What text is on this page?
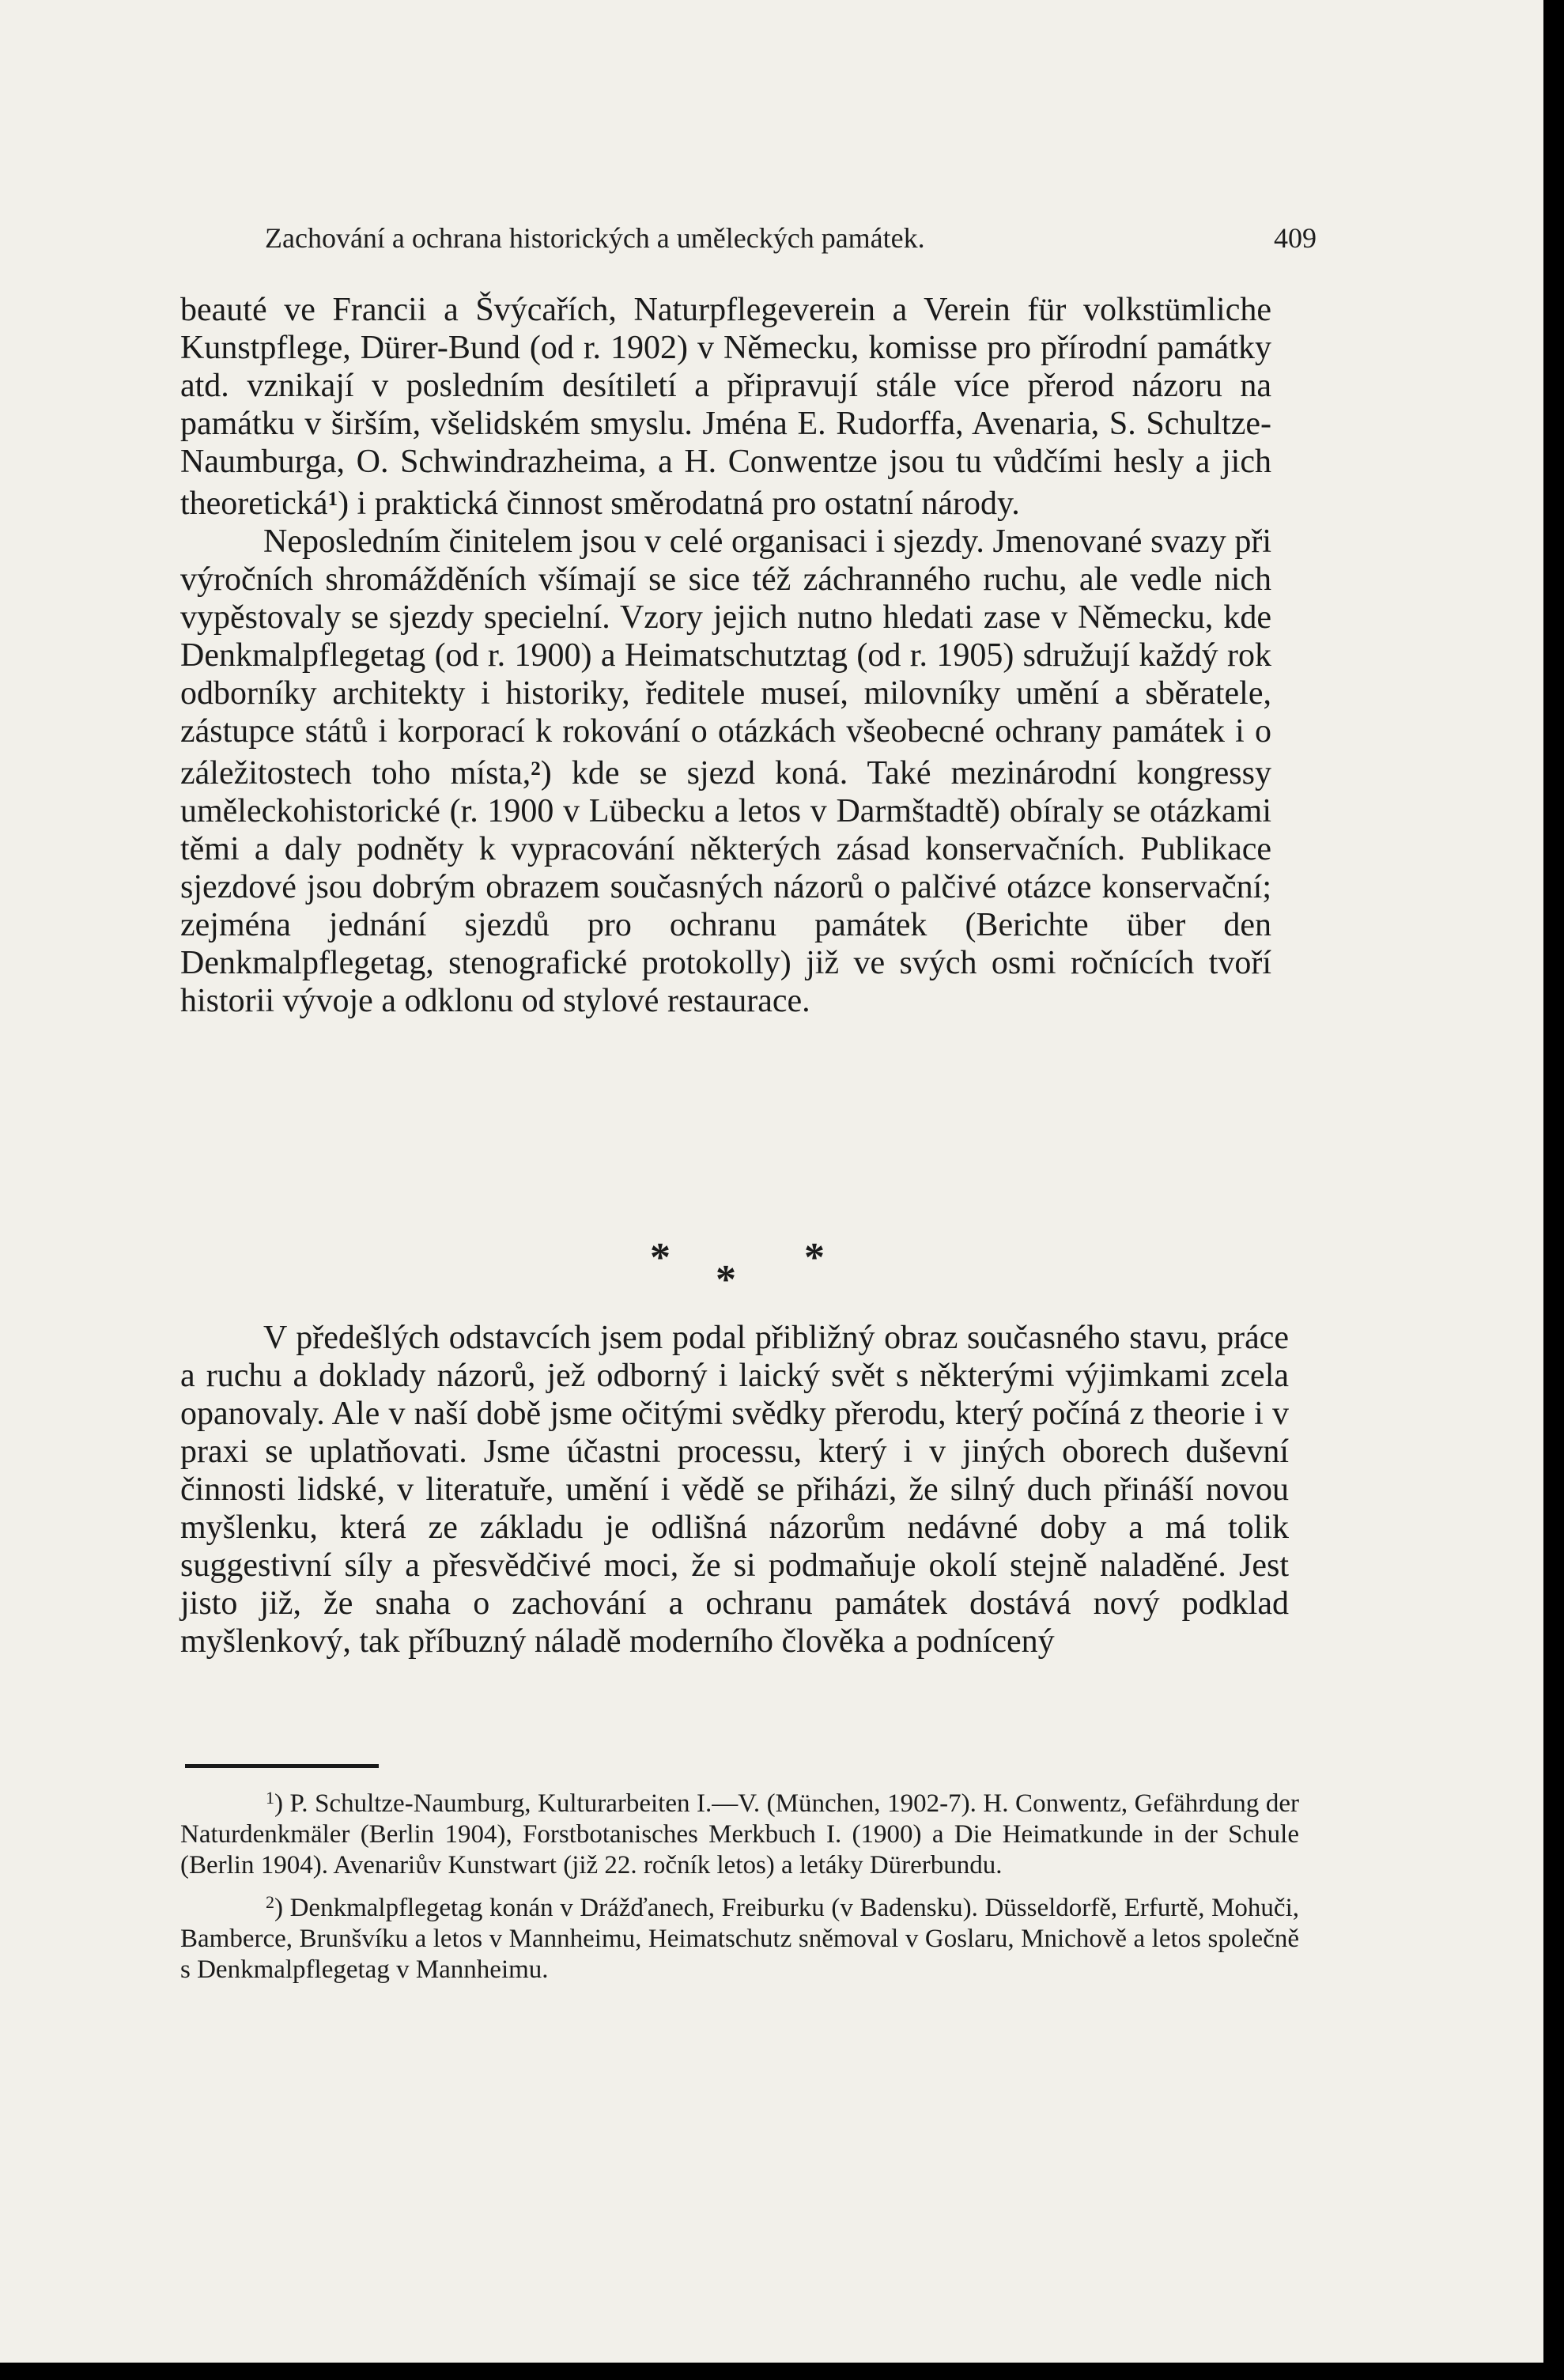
Zachování a ochrana historických a uměleckých památek.	409

beauté ve Francii a Švýcařích, Naturpflegeverein a Verein für volkstümliche Kunstpflege, Dürer-Bund (od r. 1902) v Německu, komisse pro přírodní památky atd. vznikají v posledním desítiletí a připravují stále více přerod názoru na památku v širším, všelidském smyslu. Jména E. Rudorffa, Avenaria, S. Schultze-Naumburga, O. Schwindrazheima, a H. Conwentze jsou tu vůdčími hesly a jich theoretická$^1$) i praktická činnost směrodatná pro ostatní národy.

Neposledním činitelem jsou v celé organisaci i sjezdy. Jmenované svazy při výročních shromážděních všímají se sice též záchranného ruchu, ale vedle nich vypěstovaly se sjezdy specielní. Vzory jejich nutno hledati zase v Německu, kde Denkmalpflegetag (od r. 1900) a Heimatschutztag (od r. 1905) sdružují každý rok odborníky architekty i historiky, ředitele museí, milovníky umění a sběratele, zástupce států i korporací k rokování o otázkách všeobecné ochrany památek i o záležitostech toho místa,$^2$) kde se sjezd koná. Také mezinárodní kongressy uměleckohistorické (r. 1900 v Lübecku a letos v Darmštadtě) obíraly se otázkami těmi a daly podněty k vypracování některých zásad konservačních. Publikace sjezdové jsou dobrým obrazem současných názorů o palčivé otázce konservační; zejména jednání sjezdů pro ochranu památek (Berichte über den Denkmalpflegetag, stenografické protokolly) již ve svých osmi ročnících tvoří historii vývoje a odklonu od stylové restaurace.

* * *

V předešlých odstavcích jsem podal přibližný obraz současného stavu, práce a ruchu a doklady názorů, jež odborný i laický svět s některými výjimkami zcela opanovaly. Ale v naší době jsme očitými svědky přerodu, který počíná z theorie i v praxi se uplatňovati. Jsme účastni processu, který i v jiných oborech duševní činnosti lidské, v literatuře, umění i vědě se přiházi, že silný duch přináší novou myšlenku, která ze základu je odlišná názorům nedávné doby a má tolik suggestivní síly a přesvědčivé moci, že si podmaňuje okolí stejně naladěné. Jest jisto již, že snaha o zachování a ochranu památek dostává nový podklad myšlenkový, tak příbuzný náladě moderního člověka a podnícený

$^1$) P. Schultze-Naumburg, Kulturarbeiten I.—V. (München, 1902-7). H. Conwentz, Gefährdung der Naturdenkmäler (Berlin 1904), Forstbotanisches Merkbuch I. (1900) a Die Heimatkunde in der Schule (Berlin 1904). Avenariův Kunstwart (již 22. ročník letos) a letáky Dürerbundu.

$^2$) Denkmalpflegetag konán v Drážďanech, Freiburku (v Badensku). Düsseldorfě, Erfurtě, Mohuči, Bamberce, Brunšvíku a letos v Mannheimu, Heimatschutz sněmoval v Goslaru, Mnichově a letos společně s Denkmalpflegetag v Mannheimu.
